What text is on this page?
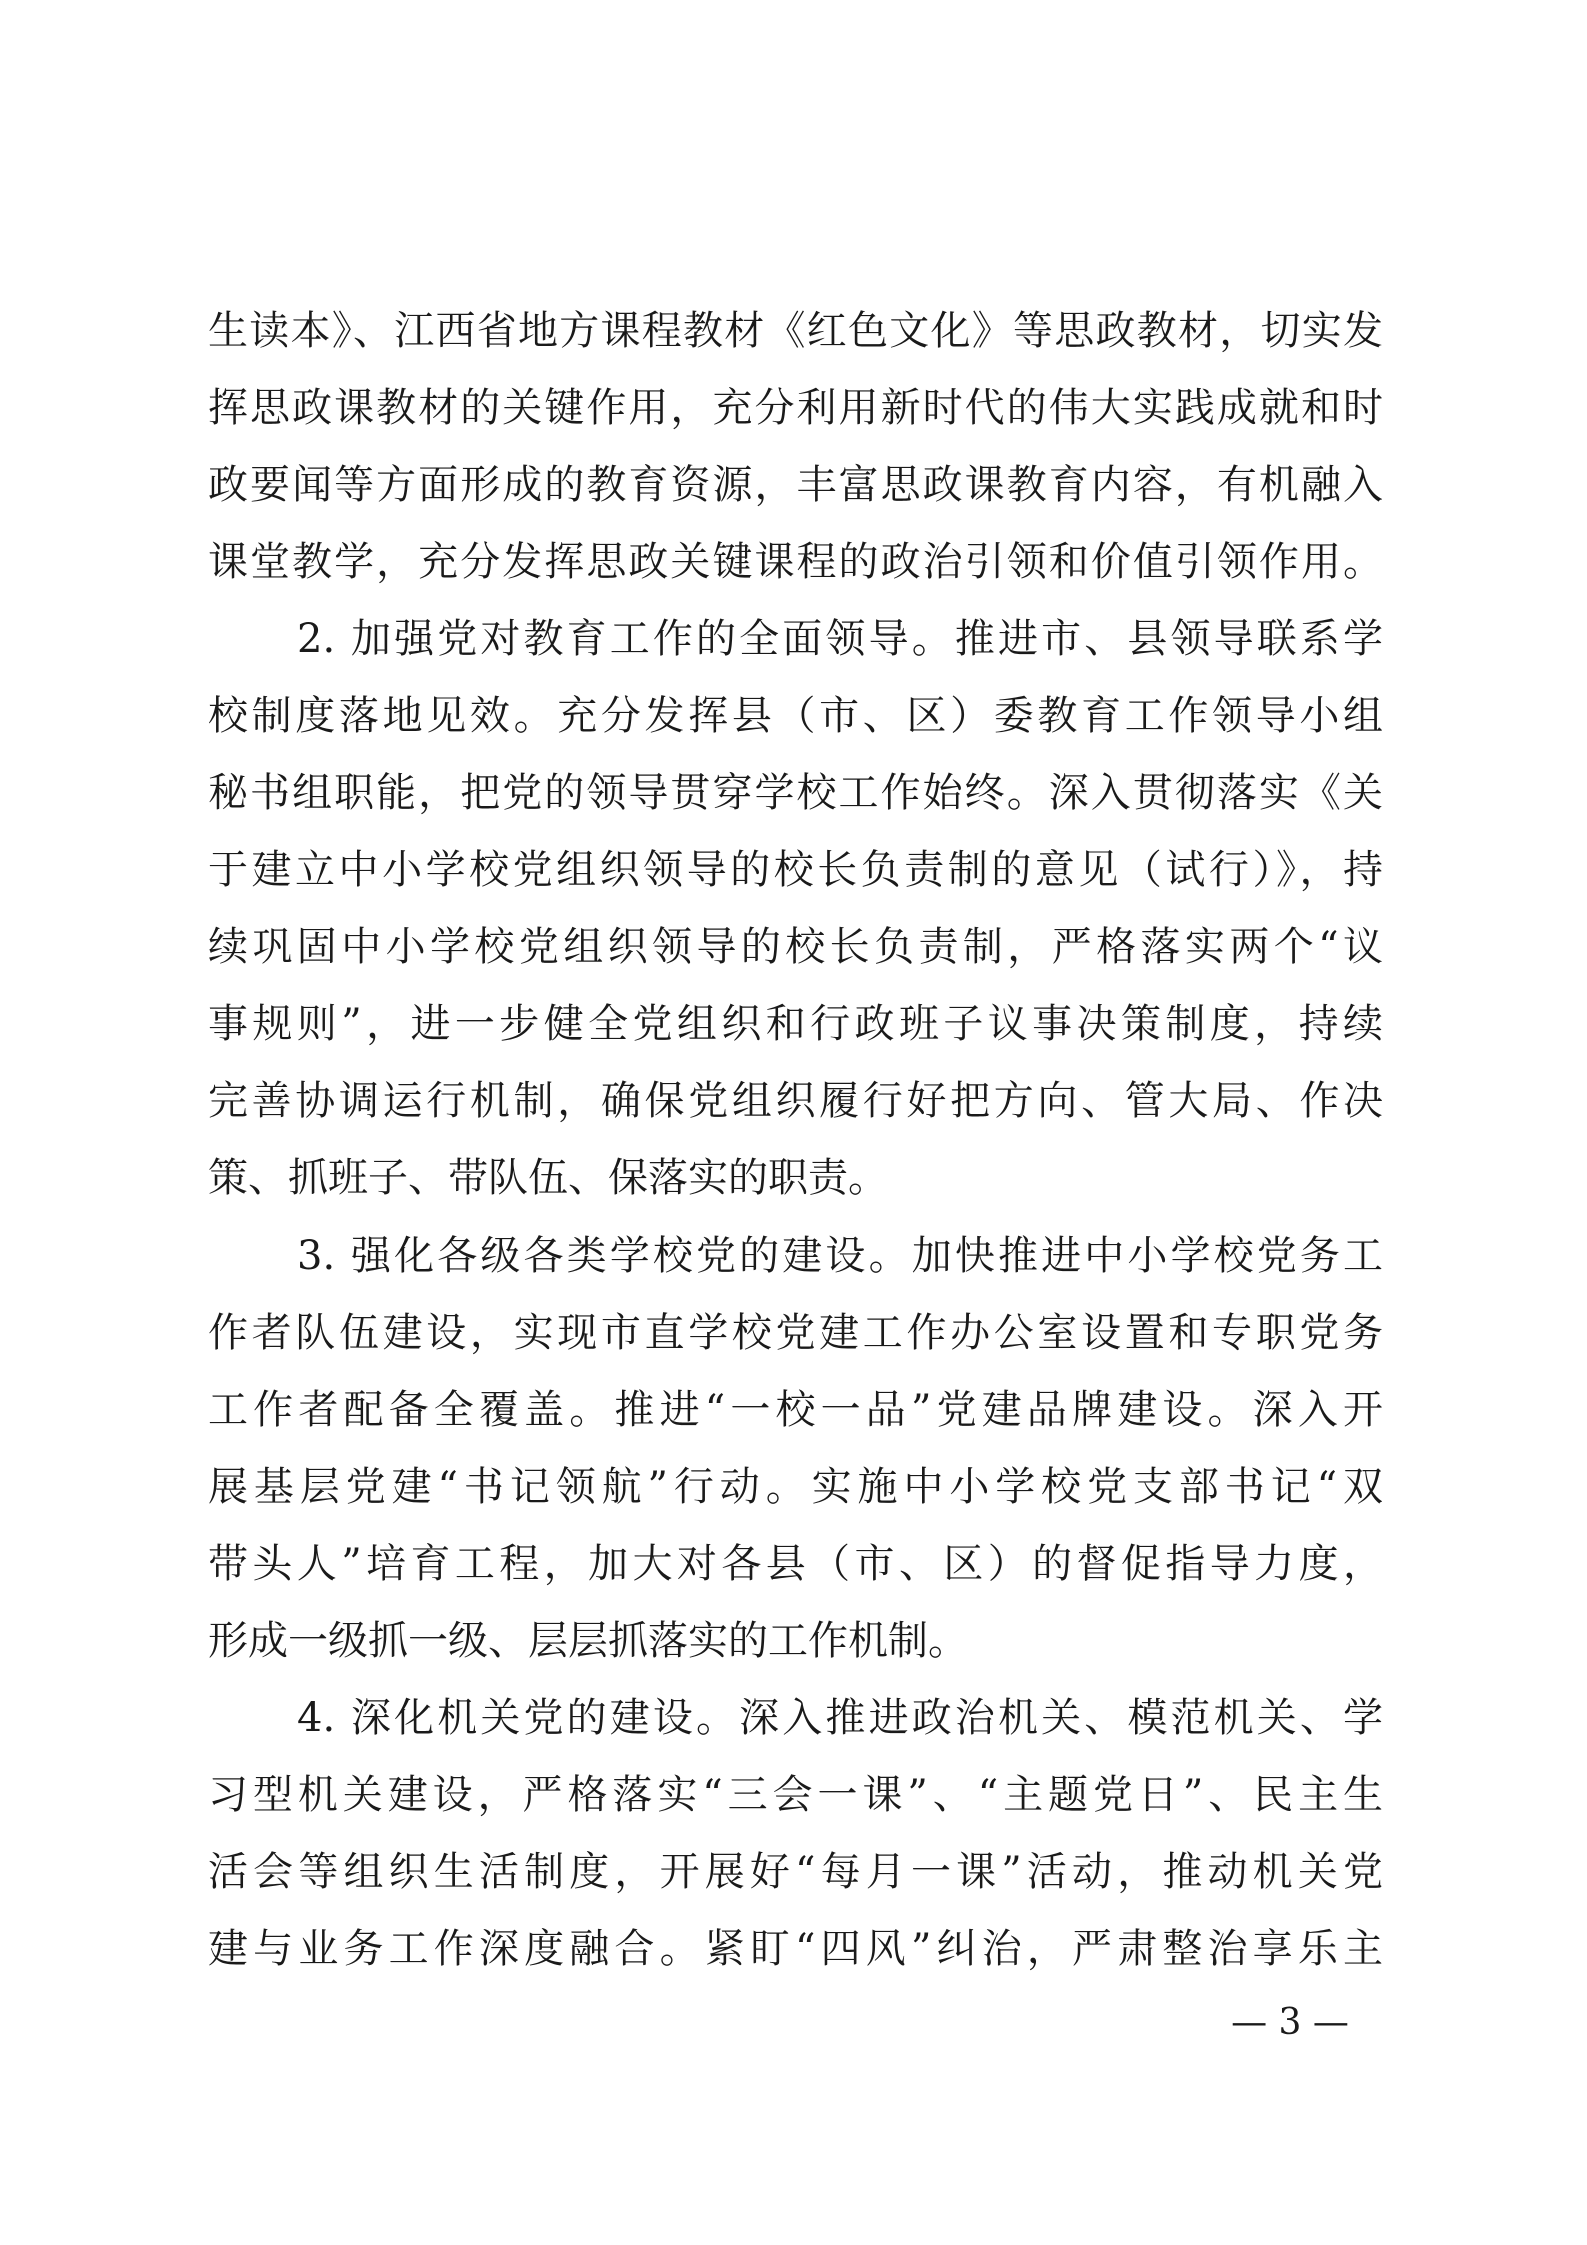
生读本》、江西省地方课程教材《红色文化》等思政教材，切实发
挥思政课教材的关键作用，充分利用新时代的伟大实践成就和时
政要闻等方面形成的教育资源，丰富思政课教育内容，有机融入
课堂教学，充分发挥思政关键课程的政治引领和价值引领作用。
2. 加强党对教育工作的全面领导。推进市、县领导联系学
校制度落地见效。充分发挥县（市、区）委教育工作领导小组
秘书组职能，把党的领导贯穿学校工作始终。深入贯彻落实《关
于建立中小学校党组织领导的校长负责制的意见（试行）》，持
续巩固中小学校党组织领导的校长负责制，严格落实两个“议
事规则”，进一步健全党组织和行政班子议事决策制度，持续
完善协调运行机制，确保党组织履行好把方向、管大局、作决
策、抓班子、带队伍、保落实的职责。
3. 强化各级各类学校党的建设。加快推进中小学校党务工
作者队伍建设，实现市直学校党建工作办公室设置和专职党务
工作者配备全覆盖。推进“一校一品”党建品牌建设。深入开
展基层党建“书记领航”行动。实施中小学校党支部书记“双
带头人”培育工程，加大对各县（市、区）的督促指导力度，
形成一级抓一级、层层抓落实的工作机制。
4. 深化机关党的建设。深入推进政治机关、模范机关、学
习型机关建设，严格落实“三会一课”、“主题党日”、民主生
活会等组织生活制度，开展好“每月一课”活动，推动机关党
建与业务工作深度融合。紧盯“四风”纠治，严肃整治享乐主
— 3 —
